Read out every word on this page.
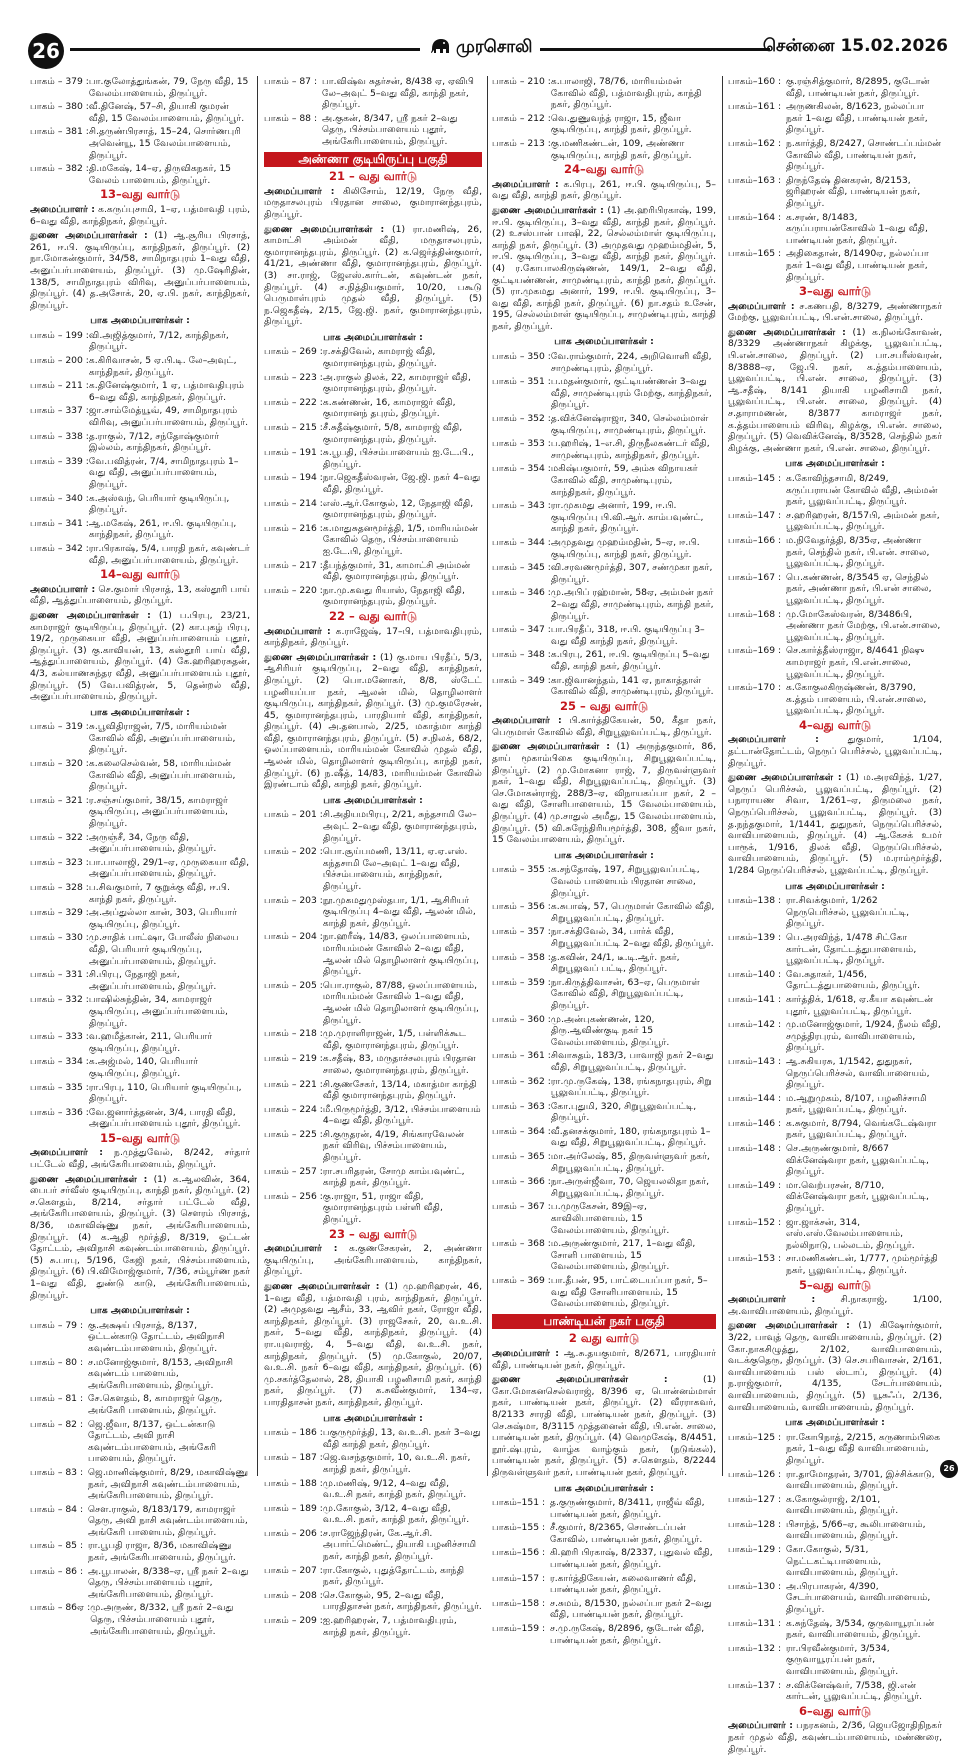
26	முரசொலி	சென்னை 15.02.2026
பாகம் – 379 : பா.குலோத்துங்கன், 79, நேரு வீதி, 15 வேலம்பாளையம், திருப்பூர்.
பாகம் – 380 : வீ.தினேஷ், 57–சி, தியாகி குமரன் வீதி, 15 வேலம்பாளையம், திருப்பூர்.
பாகம் – 381 : சி.தருண்பிரசாத், 15–24, சொர்ணபுரி அவென்யூ, 15 வேலம்பாளையம், திருப்பூர்.
பாகம் – 382 : தி.மகேஷ், 14–ஏ, திருவிகநகர், 15 வேலம் பாளையம், திருப்பூர்.
13–வது வார்டு
அமைப்பாளர் : க.கருப்புசாமி, 1–ஏ, பத்மாவதி புரம், 6–வது வீதி, காந்திநகர், திருப்பூர்.
துணை அமைப்பாளர்கள் : (1) ஆ.சூரிய பிரசாத், 261, ஈ.பி. குடியிருப்பு, காந்திநகர், திருப்பூர். (2) நா.மோகன்குமார், 34/58, சாமிநாதபுரம் 1–வது வீதி, அனுப்பர்பாளையம், திருப்பூர். (3) மு.ஷேரிதின், 138/5, சாமிநாதபுரம் விரிவு, அனுப்பர்பாளையம், திருப்பூர். (4) த.அசோக், 20, ஏ.பி. நகர், காந்திநகர், திருப்பூர்.
பாக அமைப்பாளர்கள் :
பாகம் – 199 : வி.அஜித்குமார், 7/12, காந்திநகர், திருப்பூர்.
பாகம் – 200 : க.கிரிவாசன், 5 ஏ.பி.டி. லே–அவுட், காந்திநகர், திருப்பூர்.
பாகம் – 211 : க.தினேஷ்குமார், 1 ஏ, பத்மாவதிபுரம் 6–வது வீதி, காந்திநகர், திருப்பூர்.
பாகம் – 337 : ஜா.சாம்மேத்யூவ், 49, சாமிநாதபுரம் விரிவு, அனுப்பர்பாளையம், திருப்பூர்.
பாகம் – 338 : த.ராகுல், 7/12, சந்தோஷ்குமார் இல்லம், காந்திநகர், திருப்பூர்.
பாகம் – 339 : வே.பவித்ரன், 7/4, சாமிநாதபுரம் 1–வது வீதி, அனுப்பர்பாளையம், திருப்பூர்.
பாகம் – 340 : க.அஸ்வந், பெரியார் குடியிருப்பு, திருப்பூர்.
பாகம் – 341 : ஆ.மகேஷ், 261, ஈ.பி. குடியிருப்பு, காந்திநகர், திருப்பூர்.
பாகம் – 342 : ரா.பிரகாஷ், 5/4, பாரதி நகர், கவுண்டர் வீதி, அனுப்பர்பாளையம், திருப்பூர்.
14–வது வார்டு
அமைப்பாளர் : செ.குமார் பிரசாத், 13, கஸ்தூரி பாய் வீதி, ஆத்துப்பாளையம், திருப்பூர்.
துணை அமைப்பாளர்கள் : (1) ப.பிரபு, 23/21, காமராஜர் குடியிருப்பு, திருப்பூர். (2) கா.புகழ் பிரபு, 19/2, முருகையா வீதி, அனுப்பர்பாளையம் புதூர், திருப்பூர். (3) கு.காவியன், 13, கஸ்தூரி பாய் வீதி, ஆத்துப்பாளையம், திருப்பூர். (4) கே.ஹரிஹரசுதன், 4/3, கல்யாணசுந்தர வீதி, அனுப்பர்பாளையம் புதூர், திருப்பூர். (5) வே.பவித்ரன், 5, தென்றல் வீதி, அனுப்பர்பாளையம், திருப்பூர்.
பாக அமைப்பாளர்கள் :
பாகம் – 319 : சு.பூவிதிராஜன், 7/5, மாரியம்மன் கோவில் வீதி, அனுப்பர்பாளையம், திருப்பூர்.
பாகம் – 320 : க.கலைசெல்வன், 58, மாரியம்மன் கோவில் வீதி, அனுப்பர்பாளையம், திருப்பூர்.
பாகம் – 321 : ர.சஞ்சய்குமார், 38/15, காமராஜர் குடியிருப்பு, அனுப்பர்பாளையம், திருப்பூர்.
பாகம் – 322 : அருஞ்சீ, 34, நேரு வீதி, அனுப்பர்பாளையம், திருப்பூர்.
பாகம் – 323 : பா.பாலாஜி, 29/1–ஏ, முருகையா வீதி, அனுப்பர்பாளையம், திருப்பூர்.
பாகம் – 328 : ப.சிவகுமார், 7 குறுக்கு வீதி, ஈ.பி. காந்தி நகர், திருப்பூர்.
பாகம் – 329 : அ.அப்துல்லா கான், 303, பெரியார் குடியிருப்பு, திருப்பூர்.
பாகம் – 330 : மு.சாதிக் பாட்ஷா, போலீஸ் நிலைய வீதி, பெரியார் குடியிருப்பு, அனுப்பர்பாளையம், திருப்பூர்.
பாகம் – 331 : சி.பிரபு, நேதாஜி நகர், அனுப்பர்பாளையம், திருப்பூர்.
பாகம் – 332 : பாஷில்சுந்தின், 34, காமராஜர் குடியிருப்பு, அனுப்பர்பாளையம், திருப்பூர்.
பாகம் – 333 : வ.ஹமீத்கான், 211, பெரியார் குடியிருப்பு, திருப்பூர்.
பாகம் – 334 : க.அஜ்மல், 140, பெரியார் குடியிருப்பு, திருப்பூர்.
பாகம் – 335 : ரா.பிரபு, 110, பெரியார் குடியிருப்பு, திருப்பூர்.
பாகம் – 336 : வே.ஜனார்த்தனன், 3/4, பாரதி வீதி, அனுப்பர்பாளையம் புதூர், திருப்பூர்.
15–வது வார்டு
அமைப்பாளர் : ந.முத்துவேல், 8/242, சர்தார் பட்டேல் வீதி, அங்கேரிபாளையம், திருப்பூர்.
துணை அமைப்பாளர்கள் : (1) க.ஆலவின், 364, பைபர் சர்வீஸ் குடியிருப்பு, காந்தி நகர், திருப்பூர். (2) ச.கௌதம், 8/214, சர்தார் பட்டேல் வீதி, அங்கேரிபாளையம், திருப்பூர். (3) சௌரம் பிரசாத், 8/36, மகாவிஷ்ணு நகர், அங்கேரிபாளையம், திருப்பூர். (4) க.ஆதி மூர்த்தி, 8/319, ஓட்டன் தோட்டம், அவிநாசி கவுண்டம்பாளையம், திருப்பூர். (5) சு.பாபு, 5/196, கேஜி நகர், பிச்சம்பாளையம், திருப்பூர். (6) பி.விமோஜ்குமார், 7/36, சம்பூர்ண நகர் 1–வது வீதி, துண்டு காடு, அங்கேரிபாளையம், திருப்பூர்.
பாக அமைப்பாளர்கள் :
பாகம் – 79 : கு.அக்ஷய் பிரசாத், 8/137, ஒட்டன்காடு தோட்டம், அவிநாசி கவுண்டம்பாளையம், திருப்பூர்.
பாகம் – 80 : ச.மனோஜ்குமார், 8/153, அவிநாசி கவுண்டம் பாளையம், அங்கேரிபாளையம், திருப்பூர்.
பாகம் – 81 : சே.கௌதம், 8, காமராஜர் தெரு, அங்கேரி பாளையம், திருப்பூர்.
பாகம் – 82 : ஜெ.ஜீவா, 8/137, ஒட்டன்காடு தோட்டம், அவி நாசி கவுண்டம்பாளையம், அங்கேரி பாளையம், திருப்பூர்.
பாகம் – 83 : ஜெ.மானிஷ்குமார், 8/29, மகாவிஷ்ணு நகர், அவிநாசி கவுண்டம்பாளையம், அங்கேரிபாளையம், திருப்பூர்.
பாகம் – 84 : சௌ.ராகுல், 8/183/179, காமராஜர் தெரு, அவி நாசி கவுண்டம்பாளையம், அங்கேரி பாளையம், திருப்பூர்.
பாகம் – 85 : ரா.பூபதி ராஜா, 8/36, மகாவிஷ்ணு நகர், அங்கேரிபாளையம், திருப்பூர்.
பாகம் – 86 : அ.பூபாலன், 8/338–ஏ, ஸ்ரீ நகர் 2–வது தெரு, பிச்சம்பாளையம் புதூர், அங்கேரிபாளையம், திருப்பூர்.
பாகம் – 86ஏ : மு.அருண், 8/332, ஸ்ரீ நகர் 2–வது தெரு, பிச்சம்பாளையம் புதூர், அங்கேரிபாளையம், திருப்பூர்.
பாகம் – 87 : பா.விஷ்வ சுதர்சன், 8/438 ஏ, ஏவிபி லே–அவுட் 5–வது வீதி, காந்தி நகர், திருப்பூர்.
பாகம் – 88 : அ.குகன், 8/347, ஸ்ரீ நகர் 2–வது தெரு, பிச்சம்பாளையம் புதூர், அங்கேரிபாளையம், திருப்பூர்.
அண்ணா குடியிருப்பு பகுதி
21 – வது வார்டு
அமைப்பாளர் : கிலிசோம், 12/19, நேரு வீதி, மருதாசலபுரம் பிரதான சாலை, குமாரானந்தபுரம், திருப்பூர்.
துணை அமைப்பாளர்கள் : (1) ரா.மணிஷ், 26, காமாட்சி அம்மன் வீதி, மருதாசலபுரம், குமாரானந்தபுரம், திருப்பூர். (2) க.ஜெர்த்தின்குமார், 41/21, அண்ணா வீதி, குமாரானந்தபுரம், திருப்பூர். (3) சா.ராஜ், ஜேஎஸ்.கார்டன், கவுண்டன் நகர், திருப்பூர். (4) ச.நித்தியகுமார், 10/20, பகூடு பெருமாள்புரம் முதல் வீதி, திருப்பூர். (5) ந.ஜெகதீஷ், 2/15, ஜே.ஜி. நகர், குமாரானந்தபுரம், திருப்பூர்.
பாக அமைப்பாளர்கள் :
பாகம் – 269 : ர.சக்திவேல், காமராஜ் வீதி, குமாரானந்தபுரம், திருப்பூர்.
பாகம் – 223 : அ.ராகுல் திலக், 22, காமராஜர் வீதி, குமாரானந்தபுரம், திருப்பூர்.
பாகம் – 222 : க.கண்ணன், 16, காமராஜர் வீதி, குமாரானந் தபுரம், திருப்பூர்.
பாகம் – 215 : சீ.சுதீஷ்குமார், 5/8, காமராஜ் வீதி, குமாரானந்தபுரம், திருப்பூர்.
பாகம் – 191 : சு.பூபதி, பிச்சம்பாளையம் ஐ.டே.பி., திருப்பூர்.
பாகம் – 194 : நா.ஜெகதீஸ்வரன், ஜே.ஜி. நகர் 4–வது வீதி, திருப்பூர்.
பாகம் – 214 : எஸ்.ஆர்.கோகுல், 12, நேதாஜி வீதி, குமாரானந்தபுரம், திருப்பூர்.
பாகம் – 216 : க.மாதுசுதனமூர்த்தி, 1/5, மாரியம்மன் கோவில் தெரு, பிச்சம்பாளையம் ஐ.டே.பி, திருப்பூர்.
பாகம் – 217 : தீபந்த்குமார், 31, காமாட்சி அம்மன் வீதி, குமாரானந்தபுரம், திருப்பூர்.
பாகம் – 220 : நா.மு.கவது ரியாஸ், நேதாஜி வீதி, குமாரானந்தபுரம், திருப்பூர்.
22 – வது வார்டு
அமைப்பாளர் : க.ராஜேஷ், 17–பி, பத்மாவதிபுரம், காந்திநகர், திருப்பூர்.
துணை அமைப்பாளர்கள் : (1) கு.மாய பிரதீப், 5/3, ஆசிரியர் குடியிருப்பு, 2–வது வீதி, காந்திநகர், திருப்பூர். (2) பொ.மனோகர், 8/8, ஸ்டேட் பழனியப்பா நகர், ஆலன் மில், தொழிலாளர் குடியிருப்பு, காந்திநகர், திருப்பூர். (3) மு.குமரேசன், 45, குமாரானந்தபுரம், பாரதியார் வீதி, காந்திநகர், திருப்பூர். (4) அ.தனபால், 2/25, மகாத்மா காந்தி வீதி, குமாரானந்தபுரம், திருப்பூர். (5) ச.நிலக், 68/2, ஓலப்பாளையம், மாரியம்மன் கோவில் முதல் வீதி, ஆலன் மில், தொழிலாளர் குடியிருப்பு, காந்தி நகர், திருப்பூர். (6) ந.ஷீத், 14/83, மாரியம்மன் கோவில் இரண்டாம் வீதி, காந்தி நகர், திருப்பூர்.
பாக அமைப்பாளர்கள் :
பாகம் – 201 : சி.அதியமபிரபு, 2/21, சுந்தசாமி லே–அவுட் 2–வது வீதி, குமாரானந்தபுரம், திருப்பூர்.
பாகம் – 202 : பொ.சூய்பமணி, 13/11, ஏ.ஏ.எஸ். கந்தசாமி லே–அவுட் 1–வது வீதி, பிச்சம்பாளையம், காந்திநகர், திருப்பூர்.
பாகம் – 203 : நூ.முகமதுமுஸ்தபா, 1/1, ஆசிரியர் குடியிருப்பு 4–வது வீதி, ஆலன் மில், காந்தி நகர், திருப்பூர்.
பாகம் – 204 : நா.ஹரீஷ், 14/83, ஒலப்பாளையம், மாரியம்மன் கோவில் 2–வது வீதி, ஆலன் மில் தொழிலாளர் குடியிருப்பு, திருப்பூர்.
பாகம் – 205 : பொ.ராகுல், 87/88, ஒலப்பாளையம், மாரியம்மன் கோவில் 1–வது வீதி, ஆலன் மில் தொழிலாளர் குடியிருப்பு, திருப்பூர்.
பாகம் – 218 : மு.முராளிராஜன், 1/5, பள்ளிக்கூட வீதி, குமாரானந்தபுரம், திருப்பூர்.
பாகம் – 219 : க.சதீஷ், 83, மருதாச்சலபுரம் பிரதான சாலை, குமாரானந்தபுரம், திருப்பூர்.
பாகம் – 221 : சி.குணசேகர், 13/14, மகாத்மா காந்தி வீதி குமாரானந்தபுரம், திருப்பூர்.
பாகம் – 224 : மீ.பிருமூர்த்தி, 3/12, பிச்சம்பாளையம் 4–வது வீதி, திருப்பூர்.
பாகம் – 225 : சி.குருதரன், 4/19, சிங்காரவேலன் நகர் விரிவு, பிச்சம்பாளையம், திருப்பூர்.
பாகம் – 257 : ரா.சபரிதரன், சோமு காம்பவுண்ட், காந்தி நகர், திருப்பூர்.
பாகம் – 256 : கு.ராஜா, 51, ராஜா வீதி, குமாரானந்தபுரம் பள்ளி வீதி, திருப்பூர்.
23 – வது வார்டு
அமைப்பாளர் : க.குணசேகரன், 2, அண்ணா குடியிருப்பு, அங்கேரிபாளையம், காந்திநகர், திருப்பூர்.
துணை அமைப்பாளர்கள் : (1) மு.ஹரிஹரன், 46, 1–வது வீதி, பத்மாவதி புரம், காந்திநகர், திருப்பூர். (2) அமுதவது ஆசீம், 33, ஆவிர் நகர், ரோஜா வீதி, காந்திநகர், திருப்பூர். (3) ராஜசேகர், 20, வ.உ.சி. நகர், 5–வது வீதி, காந்திநகர், திருப்பூர். (4) ரா.யுவராஜ், 4, 5–வது வீதி, வ.உ.சி. நகர், காந்திநகர், திருப்பூர். (5) மு.கோகுல், 20/07, வ.உ.சி. நகர் 6–வது வீதி, காந்திநகர், திருப்பூர். (6) மு.சகர்த்தேலால், 28, தியாகி பழனிசாமி நகர், காந்தி நகர், திருப்பூர். (7) க.சுவீன்குமார், 134–ஏ, பாரதிதாசன் நகர், காந்திநகர், திருப்பூர்.
பாக அமைப்பாளர்கள் :
பாகம் – 186 : பகுருமூர்த்தி, 13, வ.உ.சி. நகர் 3–வது வீதி காந்தி நகர், திருப்பூர்.
பாகம் – 187 : ஜெ.வசந்தகுமார், 10, வ.உ.சி. நகர், காந்தி நகர், திருப்பூர்.
பாகம் – 188 : மு.மணிஷ், 9/12, 4–வது வீதி, வ.உ.சி நகர், காந்தி நகர், திருப்பூர்.
பாகம் – 189 : மு.கோகுல், 3/12, 4–வது வீதி, வ.உ.சி. நகர், காந்தி நகர், திருப்பூர்.
பாகம் – 206 : ச.ராஜேந்திரன், கே.ஆர்.சி. அபார்ட்மெண்ட், தியாகி பழனிச்சாமி நகர், காந்தி நகர், திருப்பூர்.
பாகம் – 207 : ரா.கோகுல், புதுத்தோட்டம், காந்தி நகர், திருப்பூர்.
பாகம் – 208 : செ.கோகுல், 95, 2–வது வீதி, பாரதிதாசன் நகர், காந்திநகர், திருப்பூர்.
பாகம் – 209 : ஐ.ஹரிஹரன், 7, பத்மாவதிபுரம், காந்தி நகர், திருப்பூர்.
பாகம் – 210 : க.பாலாஜி, 78/76, மாரியம்மன் கோவில் வீதி, பத்மாவதிபுரம், காந்தி நகர், திருப்பூர்.
பாகம் – 212 : வெ.துணுவந்த் ராஜா, 15, ஜீவா குடியிருப்பு, காந்தி நகர், திருப்பூர்.
பாகம் – 213 : கு.மணிகண்டன், 109, அண்ணா குடியிருப்பு, காந்தி நகர், திருப்பூர்.
24–வது வார்டு
அமைப்பாளர் : க.பிரபு, 261, ஈ.பி. குடியிருப்பு, 5–வது வீதி, காந்தி நகர், திருப்பூர்.
துணை அமைப்பாளர்கள் : (1) அ.ஹரிபிரகாஷ், 199, ஈ.பி. குடியிருப்பு, 3–வது வீதி, காந்தி நகர், திருப்பூர். (2) உசஸ்பான் பாஷி, 22, செல்லம்மாள் குடியிருப்பு, காந்தி நகர், திருப்பூர். (3) அமுதவது முஹம்மதின், 5, ஈ.பி. குடியிருப்பு, 3–வது வீதி, காந்தி நகர், திருப்பூர். (4) ர.கோபாலகிருஷ்ணன், 149/1, 2–வது வீதி, குட்டியண்ணன், சாமுண்டிபுரம், காந்தி நகர், திருப்பூர். (5) ரா.முகமது அனார், 199, ஈ.பி. குடியிருப்பு, 3–வது வீதி, காந்தி நகர், திருப்பூர். (6) நா.சதம் உசேன், 195, செல்லம்மாள் குடியிருப்பு, சாமுண்டிபுரம், காந்தி நகர், திருப்பூர்.
பாக அமைப்பாளர்கள் :
பாகம் – 350 : வே.ராம்குமார், 224, அறிவொளி வீதி, சாமுண்டிபுரம், திருப்பூர்.
பாகம் – 351 : ப.மதன்குமார், குட்டியண்ணன் 3–வது வீதி, சாமுண்டிபுரம் மேற்கு, காந்திநகர், திருப்பூர்.
பாகம் – 352 : த.விக்னேஷ்ராஜா, 340, செல்லம்மாள் குடியிருப்பு, சாமுண்டிபுரம், திருப்பூர்.
பாகம் – 353 : ப.ஹரிஷ், 1–எ.சி, திருநீலகண்டர் வீதி, சாமுண்டிபுரம், காந்திநகர், திருப்பூர்.
பாகம் – 354 : மகிஷ்பகுமார், 59, அம்சு விநாயகர் கோவில் வீதி, சாமுண்டிபுரம், காந்திநகர், திருப்பூர்.
பாகம் – 343 : ரா.முகமது அனார், 199, ஈ.பி. குடியிருப்பு பி.வி.ஆர். காம்பவுண்ட், காந்தி நகர், திருப்பூர்.
பாகம் – 344 : அமுதவது முஹம்மதின், 5–ஏ, ஈ.பி. குடியிருப்பு, காந்தி நகர், திருப்பூர்.
பாகம் – 345 : வி.சரவணமூர்த்தி, 307, சண்முகா நகர், திருப்பூர்.
பாகம் – 346 : மு.அபிப் ரஹ்மான், 58ஏ, அம்மன் நகர் 2–வது வீதி, சாமுண்டிபுரம், காந்தி நகர், திருப்பூர்.
பாகம் – 347 : பா.பிரதீப், 318, ஈ.பி. குடியிருப்பு 3–வது வீதி காந்தி நகர், திருப்பூர்.
பாகம் – 348 : க.பிரபு, 261, ஈ.பி. குடியிருப்பு 5–வது வீதி, காந்தி நகர், திருப்பூர்.
பாகம் – 349 : கா.ஜிவானந்தம், 141 ஏ, நாகாத்தாள் கோவில் வீதி, சாமுண்டிபுரம், திருப்பூர்.
25 – வது வார்டு
அமைப்பாளர் : பி.கார்த்திகேயன், 50, கீதா நகர், பெருமாள் கோவில் வீதி, சிறுபூலுவப்பட்டி, திருப்பூர்.
துணை அமைப்பாளர்கள் : (1) அருந்தகுமார், 86, தாய் மூகாம்பிகை குடியிருப்பு, சிறுபூலுவப்பட்டி, திருப்பூர். (2) மு.மோகனா ராஜ், 7, திருவள்ளுவர் நகர், 1–வது வீதி, சிறுபூலுவப்பட்டி, திருப்பூர். (3) செ.மோகன்ராஜ், 288/3–ஏ, விநாயகப்பா நகர், 2 – வது வீதி, சோளிபாளையம், 15 வேலம்பாளையம், திருப்பூர். (4) மு.சாதுல் அமீது, 15 வேலம்பாளையம், திருப்பூர். (5) வி.சுரேந்திரியமூர்த்தி, 308, ஜீவா நகர், 15 வேலம்பாளையம், திருப்பூர்.
பாக அமைப்பாளர்கள் :
பாகம் – 355 : க.சந்தோஷ், 197, சிறுபூலுவப்பட்டி, வேலம் பாளையம் பிரதான சாலை, திருப்பூர்.
பாகம் – 356 : க.சுபாஷ், 57, பெருமாள் கோவில் வீதி, சிறுபூலுவப்பட்டி, திருப்பூர்.
பாகம் – 357 : நா.சக்திவேல், 34, பார்க் வீதி, சிறுபூலுவப்பட்டி 2–வது வீதி, திருப்பூர்.
பாகம் – 358 : த.கவின், 24/1, டீ.டி.ஆர். நகர், சிறுபூலுவப் பட்டி, திருப்பூர்.
பாகம் – 359 : நா.கிருத்திவாசன், 63–ஏ, பெருமாள் கோவில் வீதி, சிறுபூலுவப்பட்டி, திருப்பூர்.
பாகம் – 360 : மு.அன்புகண்ணன், 120, திரு.ஆவிண்குடி நகர் 15 வேலம்பாளையம், திருப்பூர்.
பாகம் – 361 : சிவாசுதம், 183/3, பாவாஜி நகர் 2–வது வீதி, சிறுபூலுவப்பட்டி, திருப்பூர்.
பாகம் – 362 : ரா.மு.ருகேஷ், 138, ரங்கநாதபுரம், சிறு பூலுவப்பட்டி, திருப்பூர்.
பாகம் – 363 : கோ.புதுமி, 320, சிறுபூலுவப்பட்டி, திருப்பூர்.
பாகம் – 364 : வீ.தனசக்குமார், 180, ரங்கநாதபுரம் 1–வது வீதி, சிறுபூலுவப்பட்டி, திருப்பூர்.
பாகம் – 365 : மா.அர்லேஷ், 85, திருவள்ளுவர் நகர், சிறுபூலுவப்பட்டி, திருப்பூர்.
பாகம் – 366 : நா.அருள்ஜீவா, 70, ஜெயலலிதா நகர், சிறுபூலுவப்பட்டி, திருப்பூர்.
பாகம் – 367 : ப.முருகேசன், 89இ–ஏ, காவிலிபாளையம், 15 வேலம்பாளையம், திருப்பூர்.
பாகம் – 368 : ம.அருண்குமார், 217, 1–வது வீதி, சோளி பாளையம், 15 வேலம்பாளையம், திருப்பூர்.
பாகம் – 369 : பா.தீபன், 95, பாட்டையப்பா நகர், 5–வது வீதி சோளிபாளையம், 15 வேலம்பாளையம், திருப்பூர்.
பாண்டியன் நகர் பகுதி
2 வது வார்டு
அமைப்பாளர் : ஆ.சு.தயகுமார், 8/2671, பாரதியார் வீதி, பாண்டியன் நகர், திருப்பூர்.
துணை அமைப்பாளர்கள் : (1) கோ.மோகனசெல்வராஜ், 8/396 ஏ, பொன்னம்மாள் நகர், பாண்டியன் நகர், திருப்பூர். (2) வீரராகவர், 8/2133 சாரதி வீதி, பாண்டியன் நகர், திருப்பூர். (3) செ.சுஷ்மா, 8/3115 முத்தனைன் வீதி, பி.என். சாலை, பாண்டியன் நகர், திருப்பூர். (4) வெமுகேஷ், 8/4451, நூர்.ஷ்புரம், வாழ்க வாழ்கும் நகர், (நடுங்கல்), பாண்டியன் நகர், திருப்பூர். (5) ச.கௌதம், 8/2244 திருவள்ளுவர் நகர், பாண்டியன் நகர், திருப்பூர்.
பாக அமைப்பாளர்கள் :
பாகம்–151 : த.குருண்குமார், 8/3411, ராஜீவ் வீதி, பாண்டியன் நகர், திருப்பூர்.
பாகம்–155 : சீ.குமார், 8/2365, சொண்டப்பன் கோவில், பாண்டியன் நகர், திருப்பூர்.
பாகம்–156 : கி.ஹரி பிரகாஷ், 8/2337, புதுவல் வீதி, பாண்டியன் நகர், திருப்பூர்.
பாகம்–157 : ர.கார்த்திகேயன், கலைவாணர் வீதி, பாண்டியன் நகர், திருப்பூர்.
பாகம்–158 : ச.சுமம், 8/1530, நல்லப்பா நகர் 2–வது வீதி, பாண்டியன் நகர், திருப்பூர்.
பாகம்–159 : ச.மு.ருகேஷ், 8/2896, குடோன் வீதி, பாண்டியன் நகர், திருப்பூர்.
பாகம்–160 : கு.ரஞ்சித்குமார், 8/2895, குடோன் வீதி, பாண்டியன் நகர், திருப்பூர்.
பாகம்–161 : அருணகிலன், 8/1623, நல்லப்பா நகர் 1–வது வீதி, பாண்டியன் நகர், திருப்பூர்.
பாகம்–162 : ந.கார்த்தி, 8/2427, சொண்டப்பம்மன் கோவில் வீதி, பாண்டியன் நகர், திருப்பூர்.
பாகம்–163 : திருந்தேஷ் தினகரன், 8/2153, ஜரிஹரன் வீதி, பாண்டியன் நகர், திருப்பூர்.
பாகம்–164 : க.சரண், 8/1483, கருப்பராயன்கோவில் 1–வது வீதி, பாண்டியன் நகர், திருப்பூர்.
பாகம்–165 : அதிகைதான், 8/1490ஏ, நல்லப்பா நகர் 1–வது வீதி, பாண்டியன் நகர், திருப்பூர்.
3–வது வார்டு
அமைப்பாளர் : ச.கணபதி, 8/3279, அண்ணாநகர் மேற்கு, பூலுவப்பட்டி, பி.என்.சாலை, திருப்பூர்.
துணை அமைப்பாளர்கள் : (1) க.நிலங்கோவன், 8/3329 அண்ணாநகர் கிழக்கு, பூலுவப்பட்டி, பி.என்.சாலை, திருப்பூர். (2) பா.சபரீஸ்வரன், 8/3888–ஏ, ஜே.பி. நகர், க.த்தம்பாளையம், பூலுவப்பட்டி, பி.என். சாலை, திருப்பூர். (3) ஆ.சதீஷ், 8/141 தியாகி பழனிசாமி நகர், பூலுவப்பட்டி, பி.என். சாலை, திருப்பூர். (4) ச.தாராமணன், 8/3877 காமராஜர் நகர், க.த்தம்பாளையம் விரிவு, கிழக்கு, பி.என். சாலை, திருப்பூர். (5) வெவிக்னேஷ், 8/3528, செந்தில் நகர் கிழக்கு, அண்ணா நகர், பி.என். சாலை, திருப்பூர்.
பாக அமைப்பாளர்கள் :
பாகம்–145 : க.கோவிந்தசாமி, 8/249, கருப்பராயன் கோவில் வீதி, அம்மன் நகர், பூலுவப்பட்டி, திருப்பூர்.
பாகம்–147 : ச.ஹரிஹரன், 8/157பி, அம்மன் நகர், பூலுவப்பட்டி, திருப்பூர்.
பாகம்–166 : ம.நிவேதர்த்தி, 8/35ஏ, அண்ணா நகர், செந்தில் நகர், பி.என். சாலை, பூலுவப்பட்டி, திருப்பூர்.
பாகம்–167 : பெ.கண்ணன், 8/3545 ஏ, செந்தில் நகர், அண்ணா நகர், பி.என் சாலை, பூலுவப்பட்டி, திருப்பூர்.
பாகம்–168 : மு.மோகேஸ்வரன், 8/3486பி, அண்ணா நகர் மேற்கு, பி.என்.சாலை, பூலுவப்பட்டி, திருப்பூர்.
பாகம்–169 : செ.கார்த்தீஸ்ராஜா, 8/4641 நிஷு காமராஜர் நகர், பி.என்.சாலை, பூலுவப்பட்டி, திருப்பூர்.
பாகம்–170 : க.கோகுலகிருஷ்ணன், 8/3790, க.த்தம் பாளையம், பி.என்.சாலை, பூலுவப்பட்டி, திருப்பூர்.
4–வது வார்டு
அமைப்பாளர் : துகுமார், 1/104, தட்டான்தோட்டம், நெருப் பெரிச்சல், பூலுவப்பட்டி, திருப்பூர்.
துணை அமைப்பாளர்கள் : (1) ம.அரவிந்த், 1/27, நெருப் பெரிச்சல், பூலுவப்பட்டி, திருப்பூர். (2) பநாராயண சிவா, 1/261–ஏ, திருமலை நகர், நெருப்பெரிச்சல், பூலுவப்பட்டி, திருப்பூர். (3) த.நந்தகுமார், 1/1441, துதுநகர், நெருப்பெரிச்சல், வாவிபாளையம், திருப்பூர். (4) ஆ.கேசக் உமர் பாரூக், 1/916, திலக் வீதி, நெருப்பெரிச்சல், வாவிபாளையம், திருப்பூர். (5) ம.ராம்மூர்த்தி, 1/284 நெருப்பெரிச்சல், பூலுவப்பட்டி, திருப்பூர்.
பாக அமைப்பாளர்கள் :
பாகம்–138 : ரா.சிவக்குமார், 1/262 நெருபெரிச்சல், பூலுவப்பட்டி, திருப்பூர்.
பாகம்–139 : பெ.அரவிந்த், 1/478 சிட்கோ கார்டன், தோட்டத்துபாளையம், பூலுவப்பட்டி, திருப்பூர்.
பாகம்–140 : வே.சுதாகர், 1/456, தோட்டத்துபாளையம், திருப்பூர்.
பாகம்–141 : கார்த்திக், 1/618, ஏ.கீயா கவுண்டன் புதூர், பூலுவப்பட்டி, திருப்பூர்.
பாகம்–142 : மு.மனோஜ்குமார், 1/924, நீலம் வீதி, சமுத்திரபுரம், வாவிபாளையம், திருப்பூர்.
பாகம்–143 : ஆ.சுகியரசு, 1/1542, துதுநகர், நெருப்பெரிச்சல், வாவிபாளையம், திருப்பூர்.
பாகம்–144 : ம.ஆறுமுகம், 8/107, பழனிச்சாமி நகர், பூலுவப்பட்டி, திருப்பூர்.
பாகம்–146 : க.சுகுமார், 8/794, வெங்கடேஷ்வரா நகர், பூலுவப்பட்டி, திருப்பூர்.
பாகம்–148 : செ.அருண்குமார், 8/667 விக்னேஷ்வரா நகர், பூலுவப்பட்டி, திருப்பூர்.
பாகம்–149 : மா.வெற்பரசன், 8/710, விக்னேஷ்வரா நகர், பூலுவப்பட்டி, திருப்பூர்.
பாகம்–152 : ஜா.ஜாக்சன், 314, எஸ்.எஸ்.வேலம்பாளையம், நல்லிநாடு, பல்லடம், திருப்பூர்.
பாகம்–153 : சா.மணிகண்டன், 1/777, மும்மூர்த்தி நகர், பூலுவப்பட்டி, திருப்பூர்.
5–வது வார்டு
அமைப்பாளர் : சி.நாகராஜ், 1/100, அ.வாவிபாளையம், திருப்பூர்.
துணை அமைப்பாளர்கள் : (1) கிஷோர்குமார், 3/22, பாவுத் தெரு, வாவிபாளையம், திருப்பூர். (2) கோ.நாகசிழுத்து, 2/102, வாவிபாளையம், வடக்குதெரு, திருப்பூர். (3) செ.சபரிவாசன், 2/161, வாவிபாளையம் பஸ் ஸ்டாப், திருப்பூர். (4) ந.ராஜ்குமார், 4/135, சேடர்பாளையம், வாவிபாளையம், திருப்பூர். (5) யூசுஃப், 2/136, வாவிபாளையம், வாவிபாளையம், திருப்பூர்.
பாக அமைப்பாளர்கள் :
பாகம்–125 : ரா.கோபிநாத், 2/215, கருணாம்பிகை நகர், 1–வது வீதி வாவிபாளையம், திருப்பூர்.
பாகம்–126 : ரா.தாமோதரன், 3/701, இச்சிக்காடு, வாவிபாளையம், திருப்பூர்.
பாகம்–127 : க.கோகுல்ராஜ், 2/101, வாவிபாளையம், திருப்பூர்.
பாகம்–128 : பிசாந்த், 5/66–ஏ, கூலிபாளையம், வாவிபாளையம், திருப்பூர்.
பாகம்–129 : கோ.கோகுல், 5/31, நெட்டகட்டிபாளையம், வாவிபாளையம், திருப்பூர்.
பாகம்–130 : அ.பிரபாகரன், 4/390, சேடர்பாளையம், வாவிபாளையம், திருப்பூர்.
பாகம்–131 : க.சுந்தேஷ், 3/534, குருவாயூரப்பன் நகர், வாவிபாளையம், திருப்பூர்.
பாகம்–132 : ரா.பிரவீன்குமார், 3/534, குருவாயூரப்பன் நகர், வாவிபாளையம், திருப்பூர்.
பாகம்–137 : ச.விக்னேஷ்வர், 7/538, ஜி.என் கார்டன், பூலுவப்பட்டி, திருப்பூர்.
6–வது வார்டு
அமைப்பாளர் : பநரகனம், 2/36, ஜெயஜோதிநிநகர் நகர் முதல் வீதி, கவுண்டம்பாளையம், மண்ணரை, திருப்பூர்.
26
